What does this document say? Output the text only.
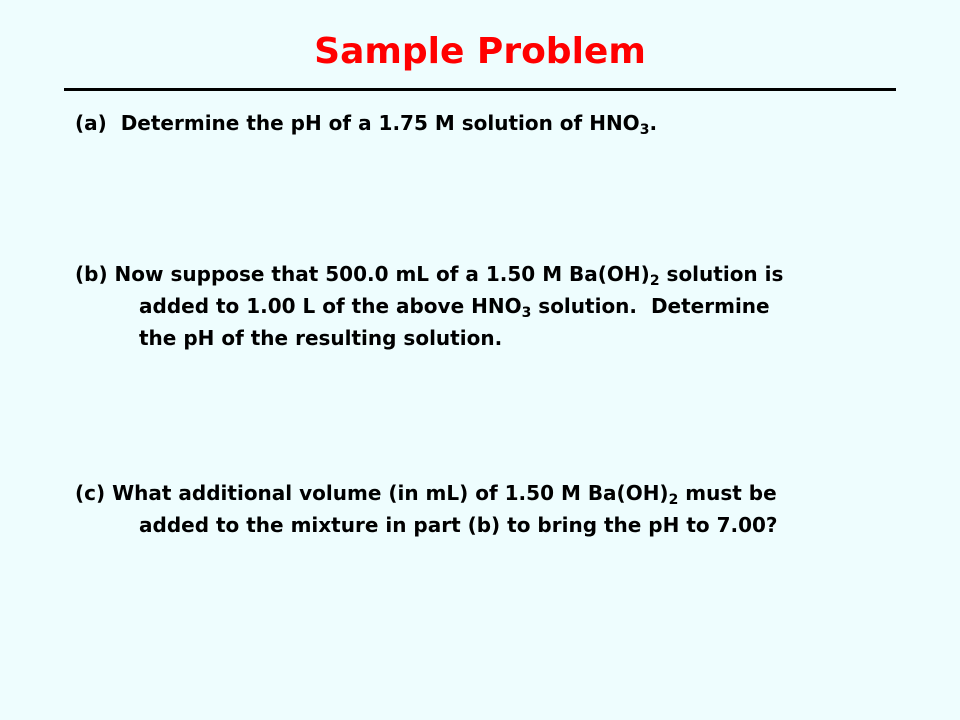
Sample Problem
(a)  Determine the pH of a 1.75 M solution of $HNO_3$.
(b) Now suppose that 500.0 mL of a 1.50 M $Ba(OH)_2$ solution is
added to 1.00 L of the above $HNO_3$ solution.  Determine
the pH of the resulting solution.
(c) What additional volume (in mL) of 1.50 M $Ba(OH)_2$ must be
added to the mixture in part (b) to bring the pH to 7.00?
